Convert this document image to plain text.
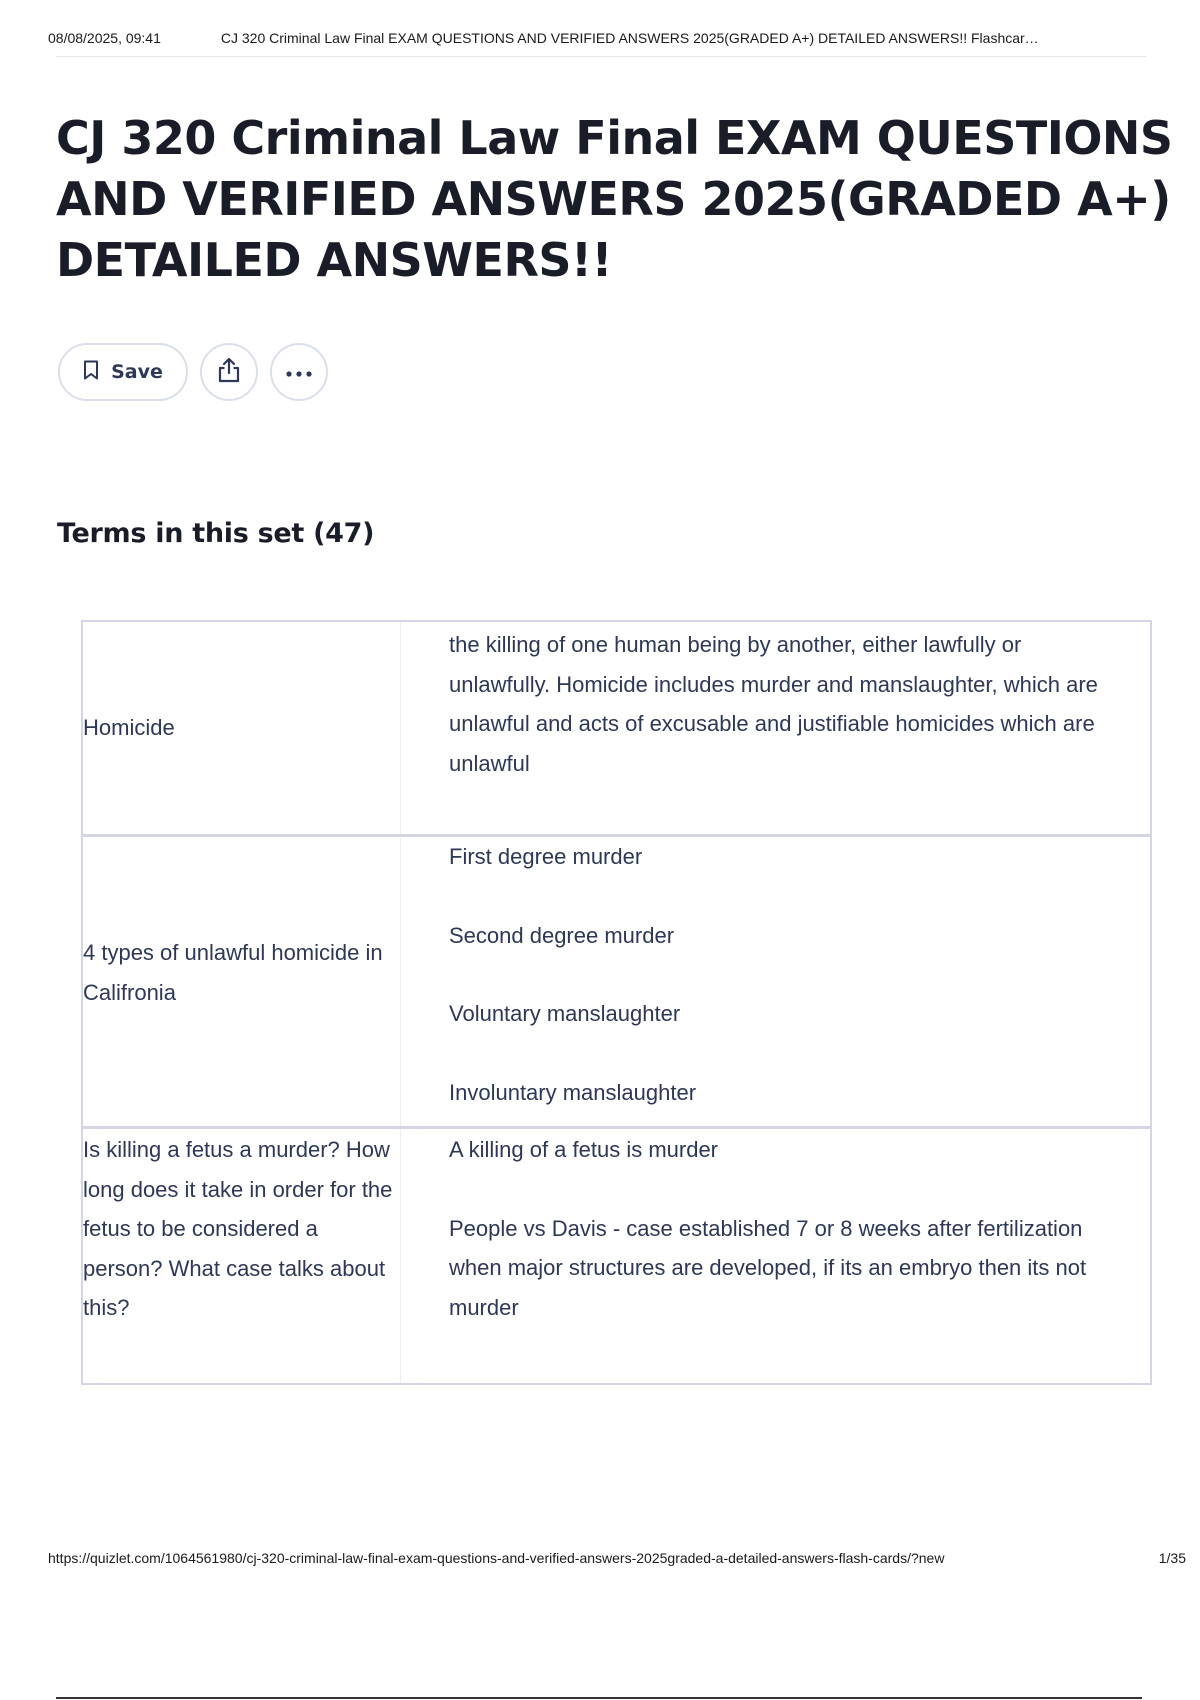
08/08/2025, 09:41	CJ 320 Criminal Law Final EXAM QUESTIONS AND VERIFIED ANSWERS 2025(GRADED A+) DETAILED ANSWERS!! Flashcar…
CJ 320 Criminal Law Final EXAM QUESTIONS AND VERIFIED ANSWERS 2025(GRADED A+) DETAILED ANSWERS!!
Save
Terms in this set (47)
Homicide

the killing of one human being by another, either lawfully or unlawfully. Homicide includes murder and manslaughter, which are unlawful and acts of excusable and justifiable homicides which are unlawful

4 types of unlawful homicide in Califronia

First degree murder

Second degree murder

Voluntary manslaughter

Involuntary manslaughter

Is killing a fetus a murder? How long does it take in order for the fetus to be considered a person? What case talks about this?

A killing of a fetus is murder

People vs Davis - case established 7 or 8 weeks after fertilization when major structures are developed, if its an embryo then its not murder

https://quizlet.com/1064561980/cj-320-criminal-law-final-exam-questions-and-verified-answers-2025graded-a-detailed-answers-flash-cards/?new	1/35
